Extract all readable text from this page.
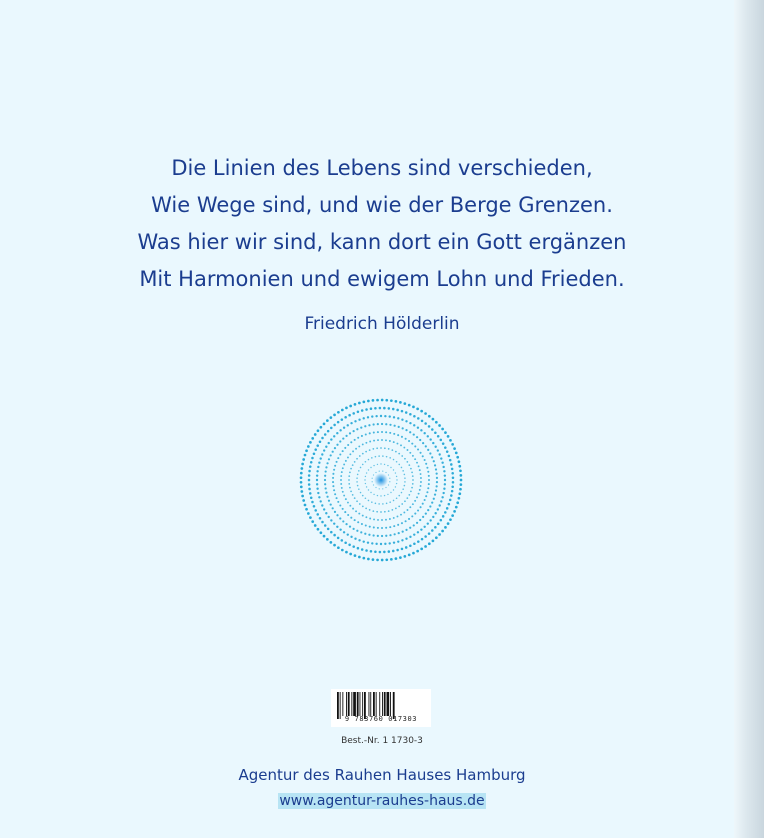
Die Linien des Lebens sind verschieden,
Wie Wege sind, und wie der Berge Grenzen.
Was hier wir sind, kann dort ein Gott ergänzen
Mit Harmonien und ewigem Lohn und Frieden.
Friedrich Hölderlin
9 783760 017303
Best.-Nr. 1 1730-3
Agentur des Rauhen Hauses Hamburg
www.agentur-rauhes-haus.de
